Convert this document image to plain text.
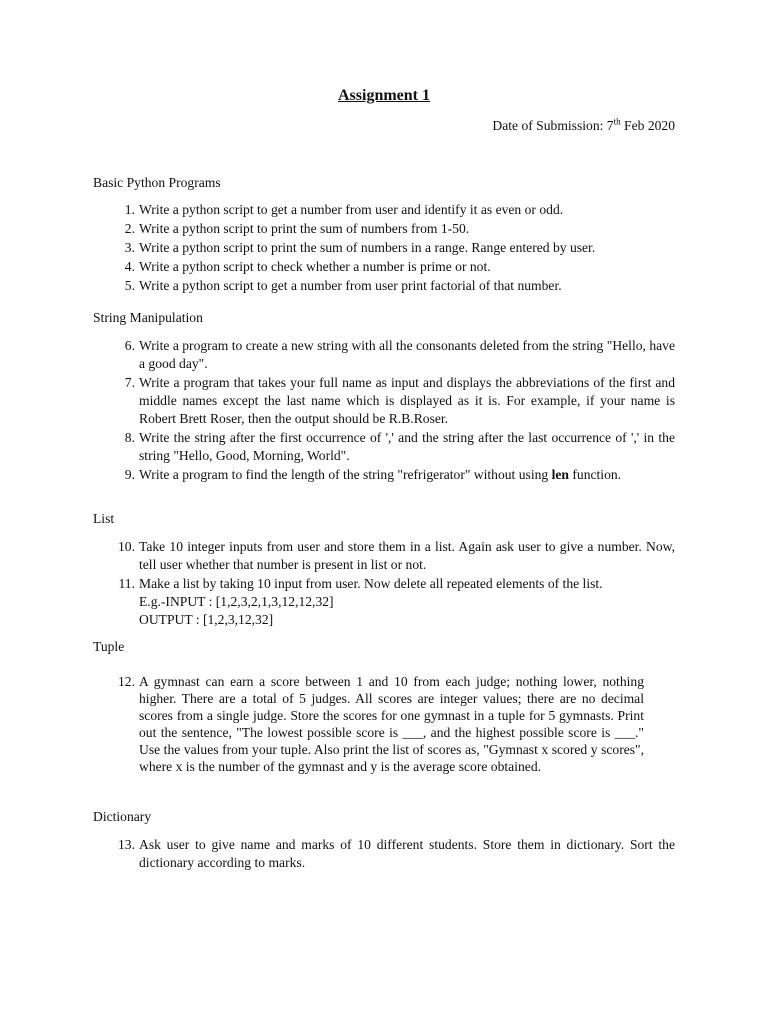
Assignment 1
Date of Submission: 7th Feb 2020
Basic Python Programs
1. Write a python script to get a number from user and identify it as even or odd.
2. Write a python script to print the sum of numbers from 1-50.
3. Write a python script to print the sum of numbers in a range. Range entered by user.
4. Write a python script to check whether a number is prime or not.
5. Write a python script to get a number from user print factorial of that number.
String Manipulation
6. Write a program to create a new string with all the consonants deleted from the string "Hello, have a good day".
7. Write a program that takes your full name as input and displays the abbreviations of the first and middle names except the last name which is displayed as it is. For example, if your name is Robert Brett Roser, then the output should be R.B.Roser.
8. Write the string after the first occurrence of ',' and the string after the last occurrence of ',' in the string "Hello, Good, Morning, World".
9. Write a program to find the length of the string "refrigerator" without using len function.
List
10. Take 10 integer inputs from user and store them in a list. Again ask user to give a number. Now, tell user whether that number is present in list or not.
11. Make a list by taking 10 input from user. Now delete all repeated elements of the list.
E.g.-INPUT : [1,2,3,2,1,3,12,12,32]
OUTPUT : [1,2,3,12,32]
Tuple
12. A gymnast can earn a score between 1 and 10 from each judge; nothing lower, nothing higher. There are a total of 5 judges. All scores are integer values; there are no decimal scores from a single judge. Store the scores for one gymnast in a tuple for 5 gymnasts. Print out the sentence, "The lowest possible score is ___, and the highest possible score is ___." Use the values from your tuple. Also print the list of scores as, "Gymnast x scored y scores", where x is the number of the gymnast and y is the average score obtained.
Dictionary
13. Ask user to give name and marks of 10 different students. Store them in dictionary. Sort the dictionary according to marks.
